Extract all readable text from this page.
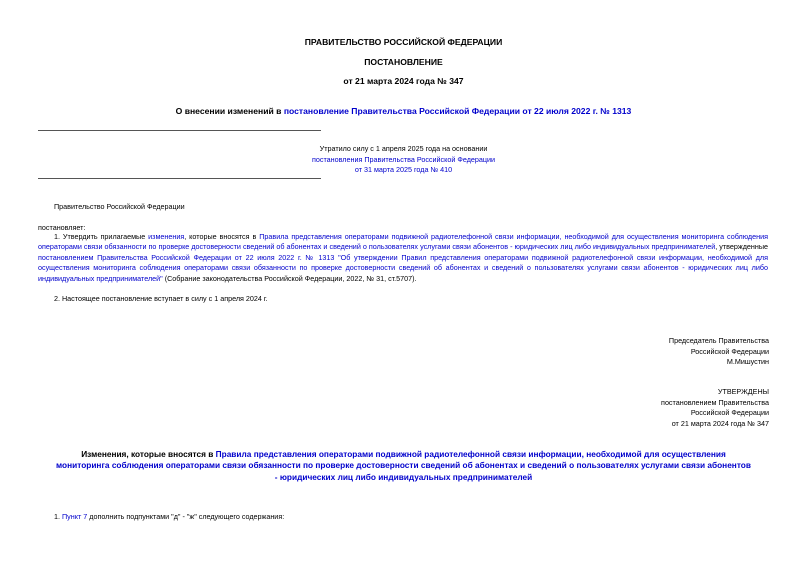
ПРАВИТЕЛЬСТВО РОССИЙСКОЙ ФЕДЕРАЦИИ
ПОСТАНОВЛЕНИЕ
от 21 марта 2024 года № 347
О внесении изменений в постановление Правительства Российской Федерации от 22 июля 2022 г. № 1313
Утратило силу с 1 апреля 2025 года на основании
постановления Правительства Российской Федерации
от 31 марта 2025 года № 410
Правительство Российской Федерации
постановляет:
1. Утвердить прилагаемые изменения, которые вносятся в Правила представления операторами подвижной радиотелефонной связи информации, необходимой для осуществления мониторинга соблюдения операторами связи обязанности по проверке достоверности сведений об абонентах и сведений о пользователях услугами связи абонентов - юридических лиц либо индивидуальных предпринимателей, утвержденные постановлением Правительства Российской Федерации от 22 июля 2022 г. № 1313 "Об утверждении Правил представления операторами подвижной радиотелефонной связи информации, необходимой для осуществления мониторинга соблюдения операторами связи обязанности по проверке достоверности сведений об абонентах и сведений о пользователях услугами связи абонентов - юридических лиц либо индивидуальных предпринимателей" (Собрание законодательства Российской Федерации, 2022, № 31, ст.5707).
2. Настоящее постановление вступает в силу с 1 апреля 2024 г.
Председатель Правительства
Российской Федерации
М.Мишустин
УТВЕРЖДЕНЫ
постановлением Правительства
Российской Федерации
от 21 марта 2024 года № 347
Изменения, которые вносятся в Правила представления операторами подвижной радиотелефонной связи информации, необходимой для осуществления мониторинга соблюдения операторами связи обязанности по проверке достоверности сведений об абонентах и сведений о пользователях услугами связи абонентов - юридических лиц либо индивидуальных предпринимателей
1. Пункт 7 дополнить подпунктами "д" - "ж" следующего содержания:
